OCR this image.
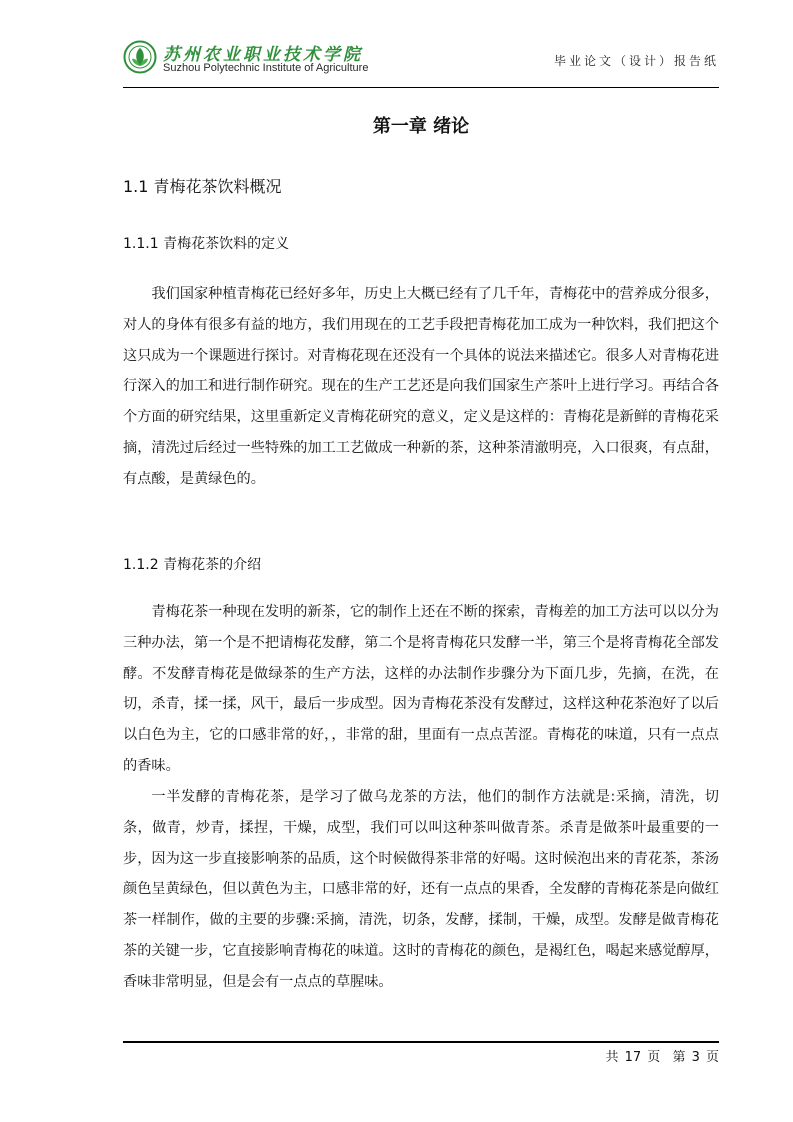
苏州农业职业技术学院
Suzhou Polytechnic Institute of Agriculture	毕业论文（设计）报告纸
第一章 绪论
1.1 青梅花茶饮料概况
1.1.1 青梅花茶饮料的定义

我们国家种植青梅花已经好多年，历史上大概已经有了几千年，青梅花中的营养成分很多，对人的身体有很多有益的地方，我们用现在的工艺手段把青梅花加工成为一种饮料，我们把这个这只成为一个课题进行探讨。对青梅花现在还没有一个具体的说法来描述它。很多人对青梅花进行深入的加工和进行制作研究。现在的生产工艺还是向我们国家生产茶叶上进行学习。再结合各个方面的研究结果，这里重新定义青梅花研究的意义，定义是这样的：青梅花是新鲜的青梅花采摘，清洗过后经过一些特殊的加工工艺做成一种新的茶，这种茶清澈明亮，入口很爽，有点甜，有点酸，是黄绿色的。

1.1.2 青梅花茶的介绍

青梅花茶一种现在发明的新茶，它的制作上还在不断的探索，青梅差的加工方法可以以分为三种办法，第一个是不把请梅花发酵，第二个是将青梅花只发酵一半，第三个是将青梅花全部发酵。不发酵青梅花是做绿茶的生产方法，这样的办法制作步骤分为下面几步，先摘，在洗，在切，杀青，揉一揉，风干，最后一步成型。因为青梅花茶没有发酵过，这样这种花茶泡好了以后以白色为主，它的口感非常的好，，非常的甜，里面有一点点苦涩。青梅花的味道，只有一点点的香味。

一半发酵的青梅花茶，是学习了做乌龙茶的方法，他们的制作方法就是:采摘，清洗，切条，做青，炒青，揉捏，干燥，成型，我们可以叫这种茶叫做青茶。杀青是做茶叶最重要的一步，因为这一步直接影响茶的品质，这个时候做得茶非常的好喝。这时候泡出来的青花茶，茶汤颜色呈黄绿色，但以黄色为主，口感非常的好，还有一点点的果香，全发酵的青梅花茶是向做红茶一样制作，做的主要的步骤:采摘，清洗，切条，发酵，揉制，干燥，成型。发酵是做青梅花茶的关键一步，它直接影响青梅花的味道。这时的青梅花的颜色，是褐红色，喝起来感觉醇厚，香味非常明显，但是会有一点点的草腥味。

共 17 页 第 3 页
